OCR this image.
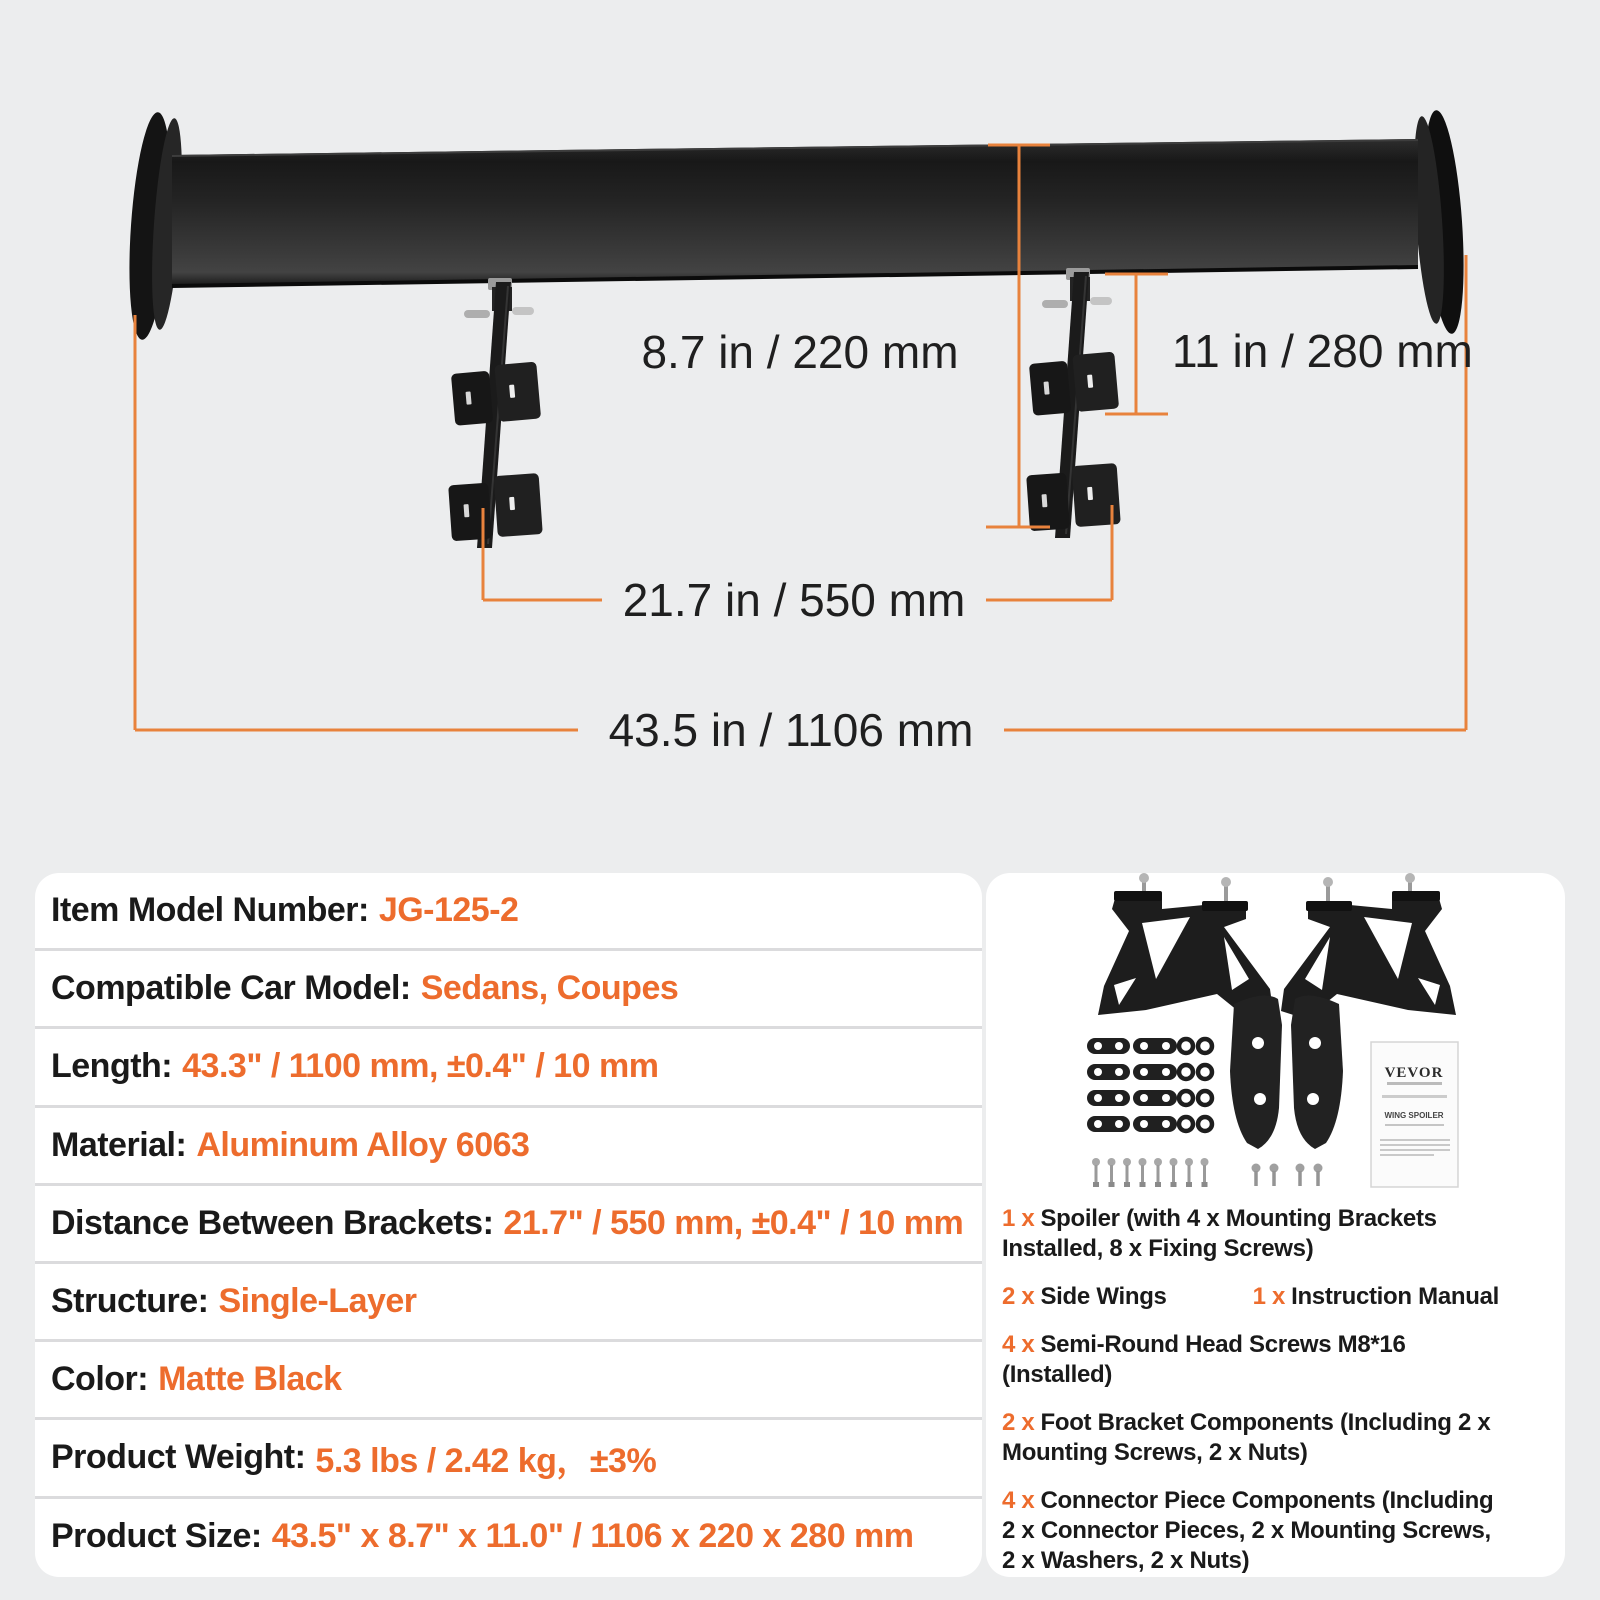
8.7 in / 220 mm	11 in / 280 mm
21.7 in / 550 mm
43.5 in / 1106 mm
Item Model Number: JG-125-2
Compatible Car Model: Sedans, Coupes
Length: 43.3" / 1100 mm, ±0.4" / 10 mm
Material: Aluminum Alloy 6063
Distance Between Brackets: 21.7" / 550 mm, ±0.4" / 10 mm
Structure: Single-Layer
Color: Matte Black
Product Weight: 5.3 lbs / 2.42 kg，±3%
Product Size: 43.5" x 8.7" x 11.0" / 1106 x 220 x 280 mm
VEVOR
WING SPOILER
1 x Spoiler (with 4 x Mounting Brackets Installed, 8 x Fixing Screws)
2 x Side Wings	1 x Instruction Manual
4 x Semi-Round Head Screws M8*16 (Installed)
2 x Foot Bracket Components (Including 2 x Mounting Screws, 2 x Nuts)
4 x Connector Piece Components (Including 2 x Connector Pieces, 2 x Mounting Screws, 2 x Washers, 2 x Nuts)
